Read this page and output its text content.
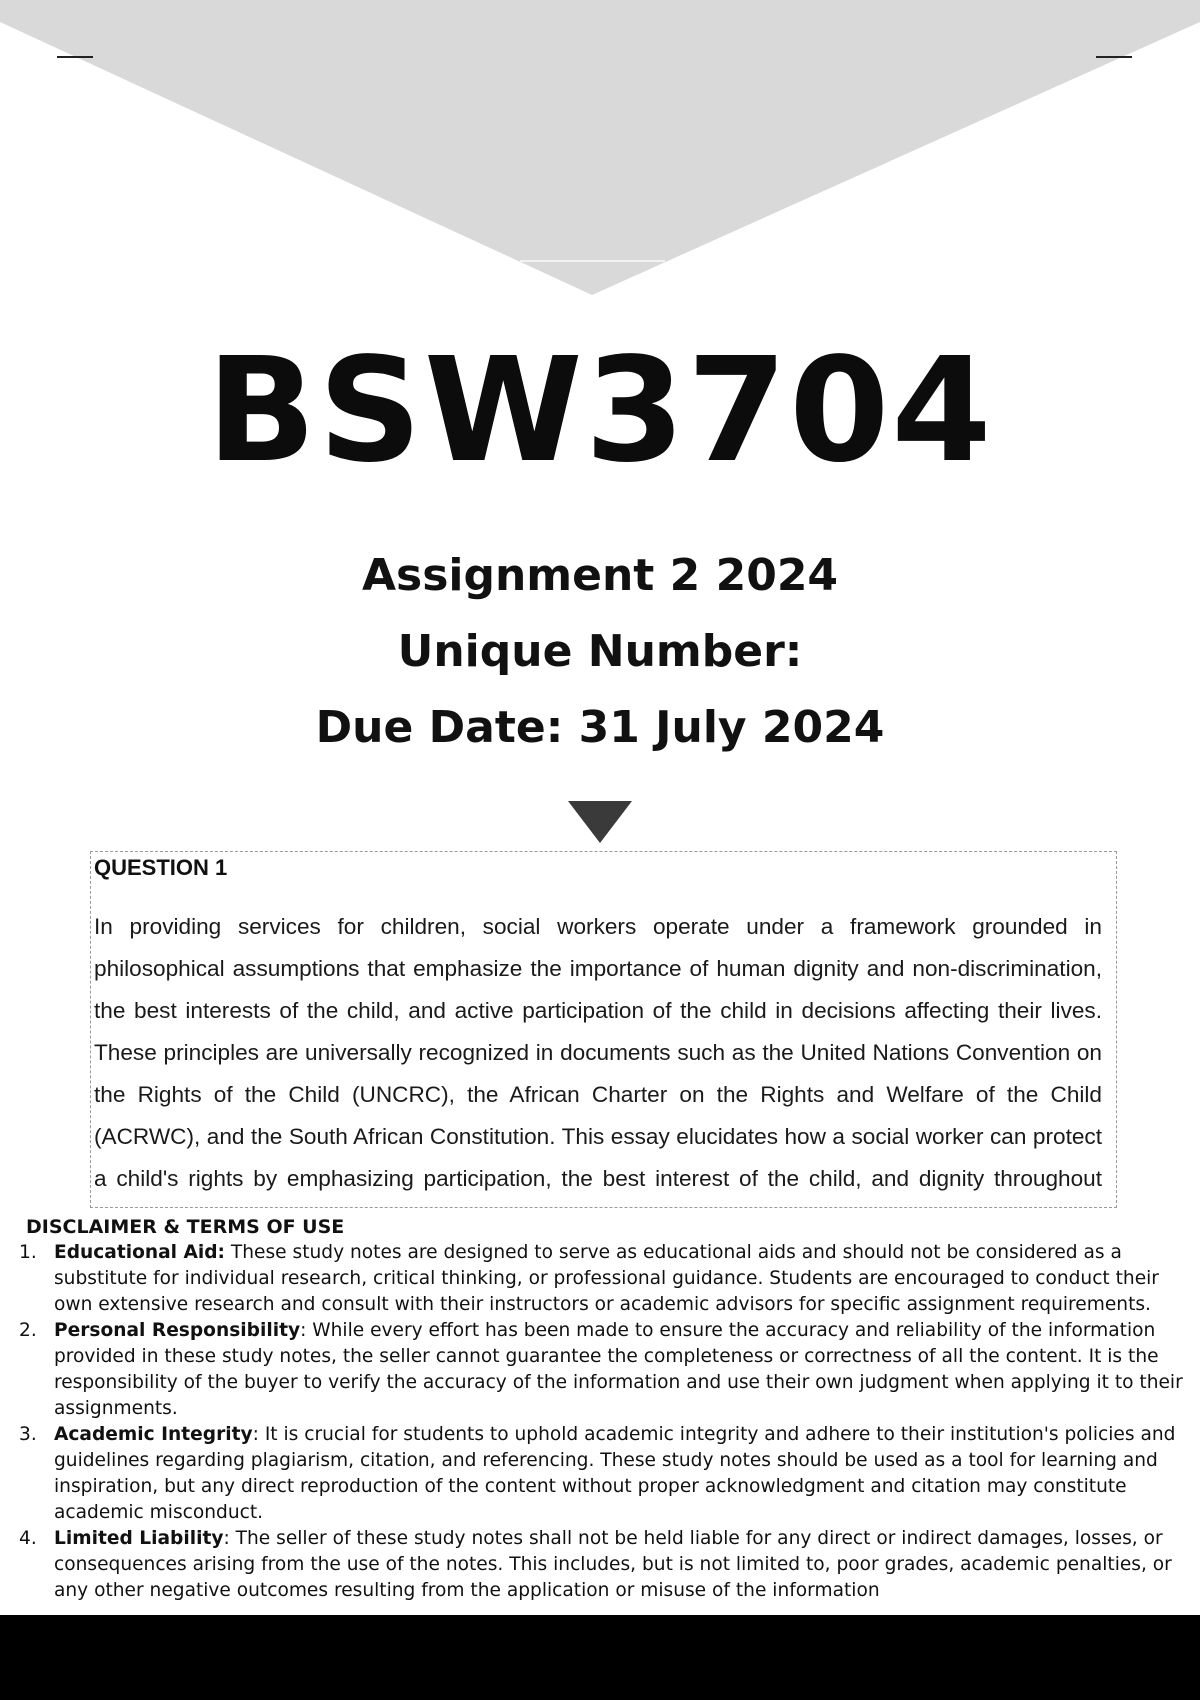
BSW3704
Assignment 2 2024
Unique Number:
Due Date: 31 July 2024
QUESTION 1

In providing services for children, social workers operate under a framework grounded in philosophical assumptions that emphasize the importance of human dignity and non-discrimination, the best interests of the child, and active participation of the child in decisions affecting their lives. These principles are universally recognized in documents such as the United Nations Convention on the Rights of the Child (UNCRC), the African Charter on the Rights and Welfare of the Child (ACRWC), and the South African Constitution. This essay elucidates how a social worker can protect a child's rights by emphasizing participation, the best interest of the child, and dignity throughout

DISCLAIMER & TERMS OF USE
1. Educational Aid: These study notes are designed to serve as educational aids and should not be considered as a substitute for individual research, critical thinking, or professional guidance. Students are encouraged to conduct their own extensive research and consult with their instructors or academic advisors for specific assignment requirements.
2. Personal Responsibility: While every effort has been made to ensure the accuracy and reliability of the information provided in these study notes, the seller cannot guarantee the completeness or correctness of all the content. It is the responsibility of the buyer to verify the accuracy of the information and use their own judgment when applying it to their assignments.
3. Academic Integrity: It is crucial for students to uphold academic integrity and adhere to their institution's policies and guidelines regarding plagiarism, citation, and referencing. These study notes should be used as a tool for learning and inspiration, but any direct reproduction of the content without proper acknowledgment and citation may constitute academic misconduct.
4. Limited Liability: The seller of these study notes shall not be held liable for any direct or indirect damages, losses, or consequences arising from the use of the notes. This includes, but is not limited to, poor grades, academic penalties, or any other negative outcomes resulting from the application or misuse of the information
